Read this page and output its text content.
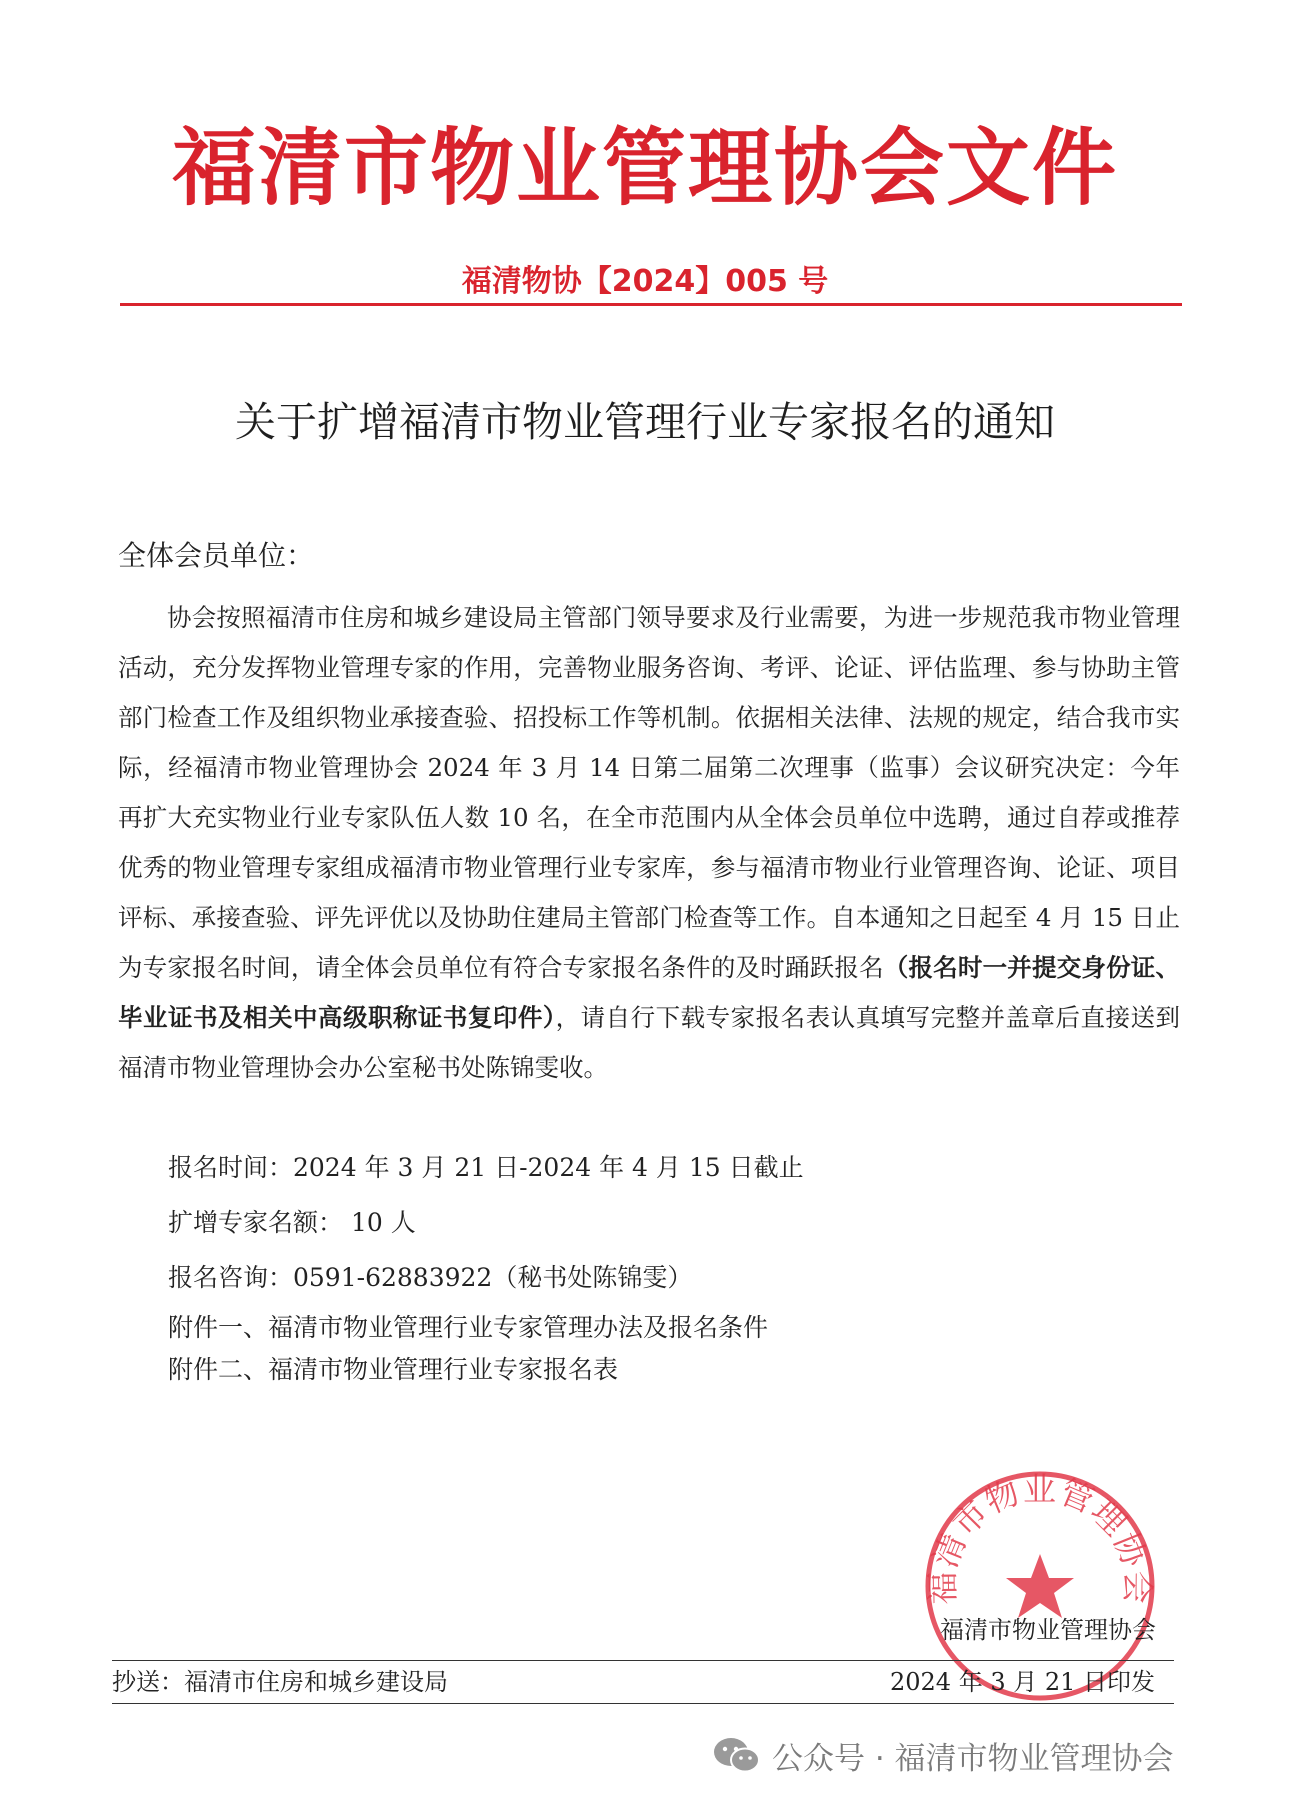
福清市物业管理协会文件
福清物协【2024】005 号
关于扩增福清市物业管理行业专家报名的通知
全体会员单位：
协会按照福清市住房和城乡建设局主管部门领导要求及行业需要，为进一步规范我市物业管理活动，充分发挥物业管理专家的作用，完善物业服务咨询、考评、论证、评估监理、参与协助主管部门检查工作及组织物业承接查验、招投标工作等机制。依据相关法律、法规的规定，结合我市实际，经福清市物业管理协会 2024 年 3 月 14 日第二届第二次理事（监事）会议研究决定：今年再扩大充实物业行业专家队伍人数 10 名，在全市范围内从全体会员单位中选聘，通过自荐或推荐优秀的物业管理专家组成福清市物业管理行业专家库，参与福清市物业行业管理咨询、论证、项目评标、承接查验、评先评优以及协助住建局主管部门检查等工作。自本通知之日起至 4 月 15 日止为专家报名时间，请全体会员单位有符合专家报名条件的及时踊跃报名（报名时一并提交身份证、毕业证书及相关中高级职称证书复印件），请自行下载专家报名表认真填写完整并盖章后直接送到福清市物业管理协会办公室秘书处陈锦雯收。
报名时间：2024 年 3 月 21 日-2024 年 4 月 15 日截止
扩增专家名额： 10 人
报名咨询：0591-62883922（秘书处陈锦雯）
附件一、福清市物业管理行业专家管理办法及报名条件
附件二、福清市物业管理行业专家报名表
福清市物业管理协会
福清市物业管理协会
抄送：福清市住房和城乡建设局	2024 年 3 月 21 日印发
公众号 · 福清市物业管理协会
